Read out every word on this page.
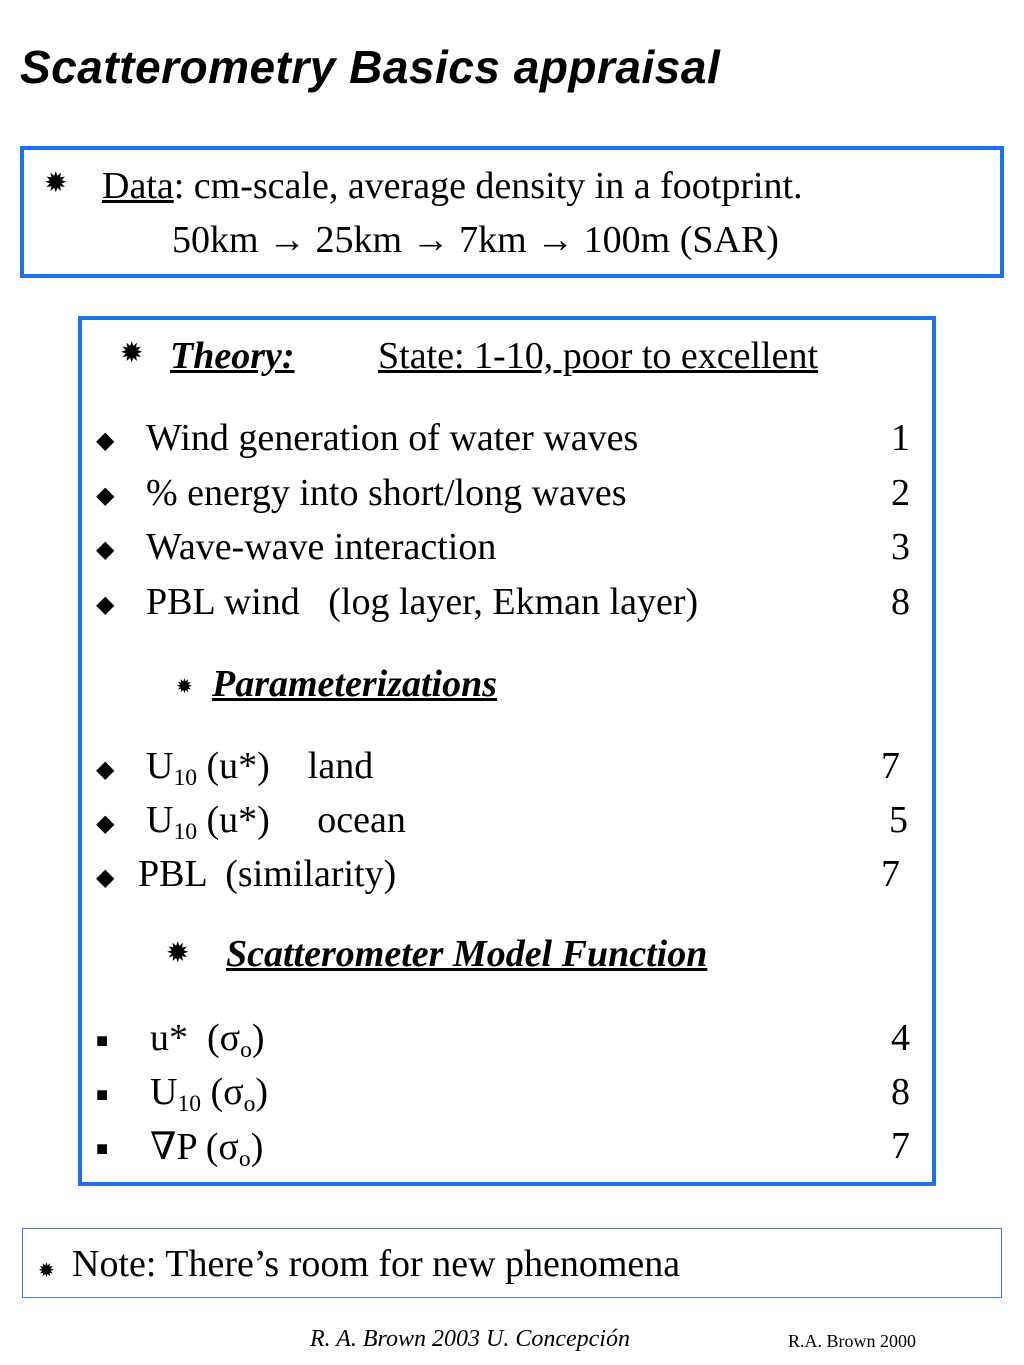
Scatterometry Basics appraisal
✹ Data: cm-scale, average density in a footprint.
50km → 25km → 7km → 100m (SAR)
✹ Theory: State: 1-10, poor to excellent
◆ Wind generation of water waves	1
◆ % energy into short/long waves	2
◆ Wave-wave interaction	3
◆ PBL wind   (log layer, Ekman layer)	8
✹ Parameterizations
◆ $U_{10}$ (u*)    land	7
◆ $U_{10}$ (u*)     ocean	5
◆ PBL  (similarity)	7
✹ Scatterometer Model Function
■ u*  $(\sigma_o)$	4
■ $U_{10}$ $(\sigma_o)$	8
■ ∇P $(\sigma_o)$	7
✹ Note: There’s room for new phenomena
R. A. Brown 2003 U. Concepción	R.A. Brown 2000
